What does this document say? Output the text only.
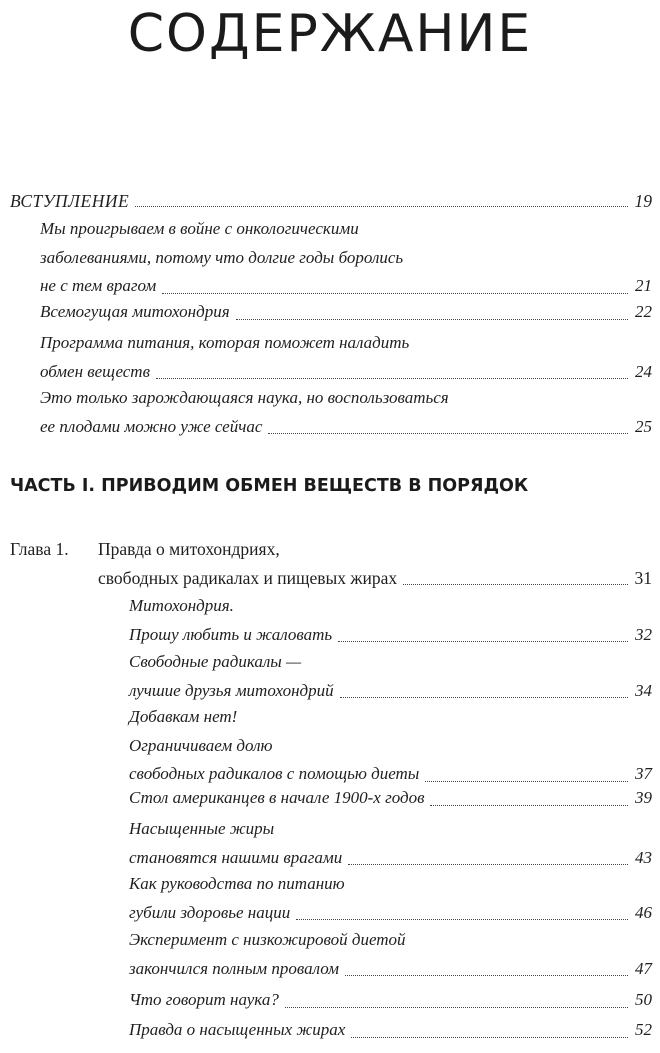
СОДЕРЖАНИЕ
ВСТУПЛЕНИЕ	19
Мы проигрываем в войне с онкологическими
заболеваниями, потому что долгие годы боролись
не с тем врагом	21
Всемогущая митохондрия	22
Программа питания, которая поможет наладить
обмен веществ	24
Это только зарождающаяся наука, но воспользоваться
ее плодами можно уже сейчас	25
ЧАСТЬ I. ПРИВОДИМ ОБМЕН ВЕЩЕСТВ В ПОРЯДОК
Глава 1. Правда о митохондриях,
свободных радикалах и пищевых жирах	31
Митохондрия.
Прошу любить и жаловать	32
Свободные радикалы —
лучшие друзья митохондрий	34
Добавкам нет!
Ограничиваем долю
свободных радикалов с помощью диеты	37
Стол американцев в начале 1900-х годов	39
Насыщенные жиры
становятся нашими врагами	43
Как руководства по питанию
губили здоровье нации	46
Эксперимент с низкожировой диетой
закончился полным провалом	47
Что говорит наука?	50
Правда о насыщенных жирах	52
